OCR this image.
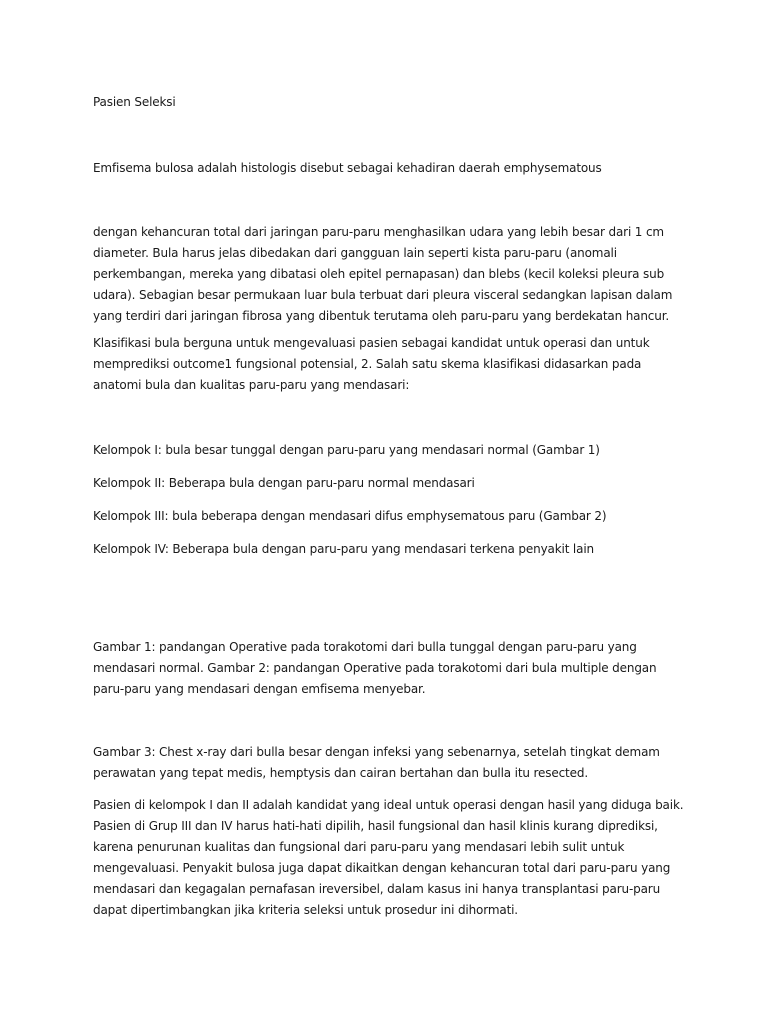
Pasien Seleksi

Emfisema bulosa adalah histologis disebut sebagai kehadiran daerah emphysematous

dengan kehancuran total dari jaringan paru-paru menghasilkan udara yang lebih besar dari 1 cm
diameter. Bula harus jelas dibedakan dari gangguan lain seperti kista paru-paru (anomali
perkembangan, mereka yang dibatasi oleh epitel pernapasan) dan blebs (kecil koleksi pleura sub
udara). Sebagian besar permukaan luar bula terbuat dari pleura visceral sedangkan lapisan dalam
yang terdiri dari jaringan fibrosa yang dibentuk terutama oleh paru-paru yang berdekatan hancur.

Klasifikasi bula berguna untuk mengevaluasi pasien sebagai kandidat untuk operasi dan untuk
memprediksi outcome1 fungsional potensial, 2. Salah satu skema klasifikasi didasarkan pada
anatomi bula dan kualitas paru-paru yang mendasari:

Kelompok I: bula besar tunggal dengan paru-paru yang mendasari normal (Gambar 1)

Kelompok II: Beberapa bula dengan paru-paru normal mendasari

Kelompok III: bula beberapa dengan mendasari difus emphysematous paru (Gambar 2)

Kelompok IV: Beberapa bula dengan paru-paru yang mendasari terkena penyakit lain

Gambar 1: pandangan Operative pada torakotomi dari bulla tunggal dengan paru-paru yang
mendasari normal. Gambar 2: pandangan Operative pada torakotomi dari bula multiple dengan
paru-paru yang mendasari dengan emfisema menyebar.

Gambar 3: Chest x-ray dari bulla besar dengan infeksi yang sebenarnya, setelah tingkat demam
perawatan yang tepat medis, hemptysis dan cairan bertahan dan bulla itu resected.

Pasien di kelompok I dan II adalah kandidat yang ideal untuk operasi dengan hasil yang diduga baik.
Pasien di Grup III dan IV harus hati-hati dipilih, hasil fungsional dan hasil klinis kurang diprediksi,
karena penurunan kualitas dan fungsional dari paru-paru yang mendasari lebih sulit untuk
mengevaluasi. Penyakit bulosa juga dapat dikaitkan dengan kehancuran total dari paru-paru yang
mendasari dan kegagalan pernafasan ireversibel, dalam kasus ini hanya transplantasi paru-paru
dapat dipertimbangkan jika kriteria seleksi untuk prosedur ini dihormati.
